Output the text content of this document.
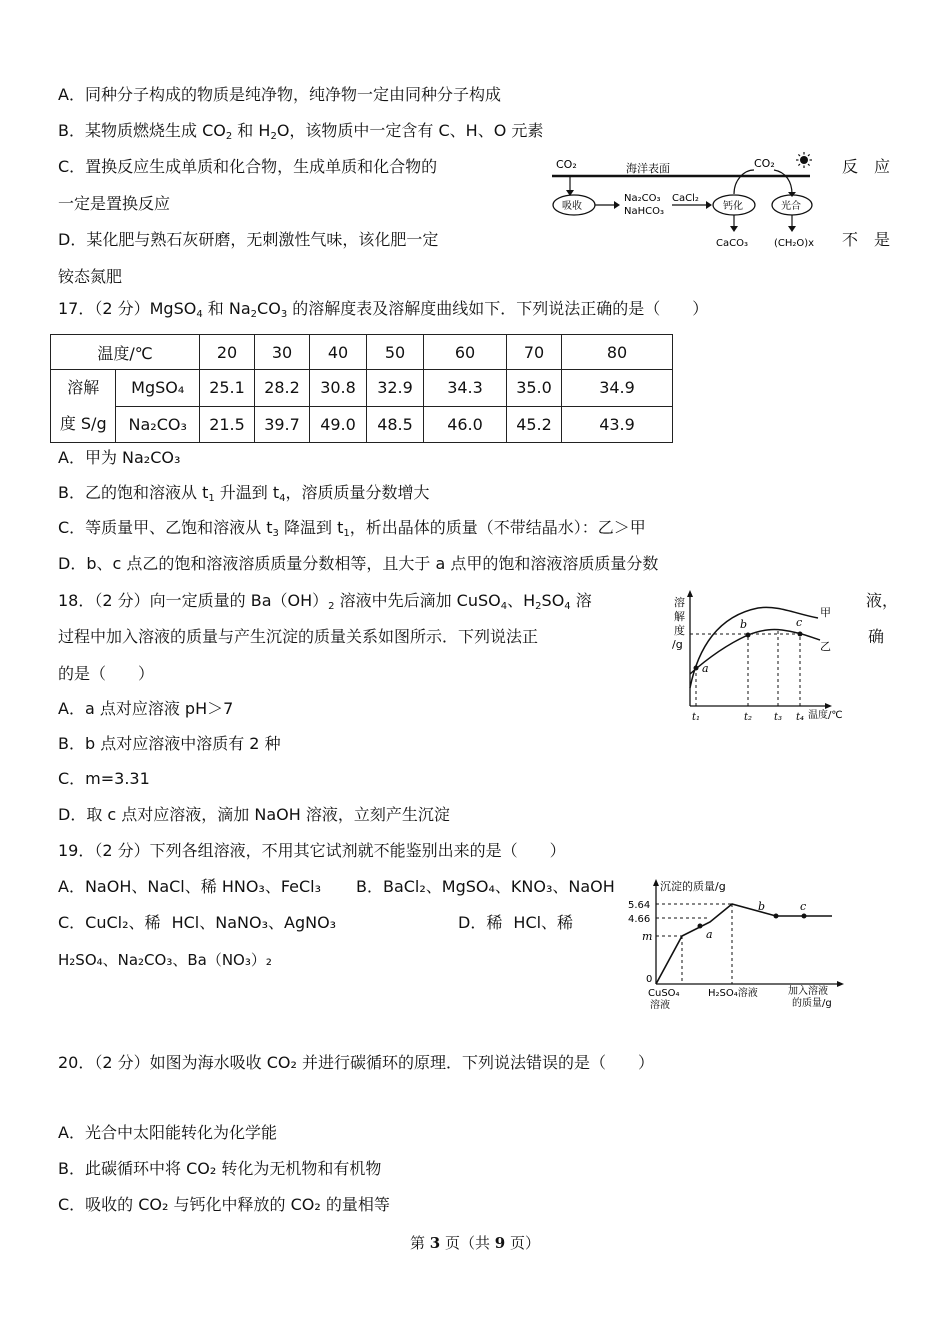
A．同种分子构成的物质是纯净物，纯净物一定由同种分子构成
B．某物质燃烧生成 $CO_2$ 和 $H_2O$，该物质中一定含有 C、H、O 元素
C．置换反应生成单质和化合物，生成单质和化合物的	反　应
一定是置换反应
D．某化肥与熟石灰研磨，无刺激性气味，该化肥一定	不　是
铵态氮肥
CO₂	海洋表面	CO₂
吸收
Na₂CO₃
NaHCO₃
CaCl₂
钙化	光合
CaCO₃	(CH₂O)x
17．（2 分）MgSO$_4$ 和 $Na_2CO_3$ 的溶解度表及溶解度曲线如下．下列说法正确的是（　　）
温度/℃		20	30	40	50	60	70	80

溶解
度 S/g	MgSO₄	25.1	28.2	30.8	32.9	34.3	35.0	34.9
	Na₂CO₃	21.5	39.7	49.0	48.5	46.0	45.2	43.9
A．甲为 Na₂CO₃
B．乙的饱和溶液从 $t_1$ 升温到 $t_4$，溶质质量分数增大
C．等质量甲、乙饱和溶液从 $t_3$ 降温到 $t_1$，析出晶体的质量（不带结晶水）：乙＞甲
D．b、c 点乙的饱和溶液溶质质量分数相等，且大于 a 点甲的饱和溶液溶质质量分数
18．（2 分）向一定质量的 $Ba(OH)_2$ 溶液中先后滴加 CuSO$_4$、$H_2SO_4$ 溶	液，
过程中加入溶液的质量与产生沉淀的质量关系如图所示．下列说法正	确
的是（　　）
溶
解
度
/g
甲
乙
a
b	c
t₁	t₂ t₃ t₄ 温度/℃
A．a 点对应溶液 pH＞7
B．b 点对应溶液中溶质有 2 种
C．m=3.31
D．取 c 点对应溶液，滴加 NaOH 溶液，立刻产生沉淀
19．（2 分）下列各组溶液，不用其它试剂就不能鉴别出来的是（　　）
A．NaOH、NaCl、稀 HNO₃、FeCl₃ B．BaCl₂、MgSO₄、KNO₃、NaOH
C．CuCl₂、稀 HCl、NaNO₃、AgNO₃	D．稀 HCl、稀
H₂SO₄、Na₂CO₃、Ba（NO₃）₂
沉淀的质量/g
5.64
4.66
m
0
a
b	c
CuSO₄
溶液
H₂SO₄溶液	加入溶液
的质量/g
20．（2 分）如图为海水吸收 CO₂ 并进行碳循环的原理．下列说法错误的是（　　）
A．光合中太阳能转化为化学能
B．此碳循环中将 CO₂ 转化为无机物和有机物
C．吸收的 CO₂ 与钙化中释放的 CO₂ 的量相等
第 3 页（共 9 页）
